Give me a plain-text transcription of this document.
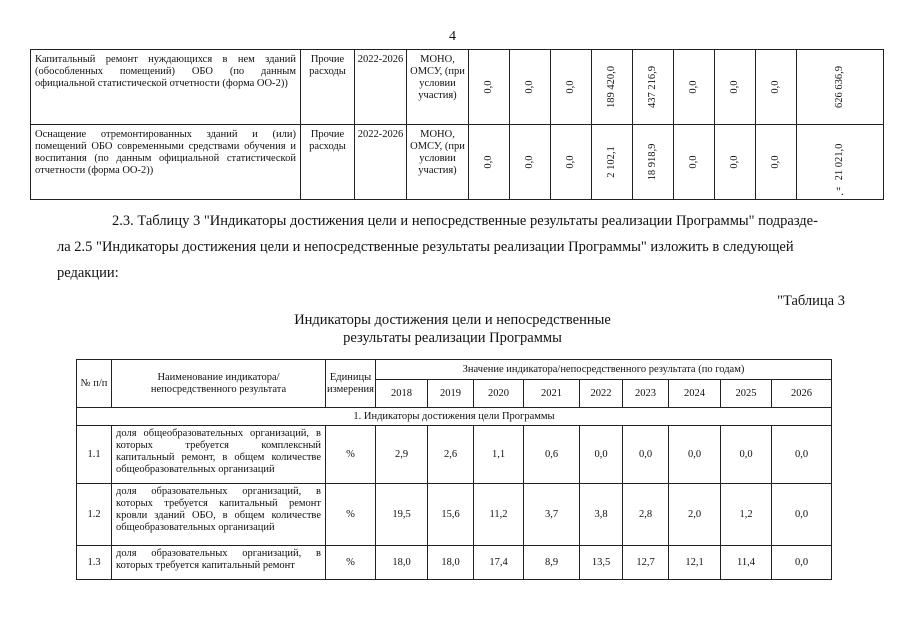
4
Капитальный ремонт нуждающихся в нем зданий (обособленных помещений) ОБО (по данным официальной статистической отчетности (форма ОО-2))	Прочие расходы	2022-2026	МОНО, ОМСУ, (при условии участия)	0,0	0,0	0,0	189 420,0	437 216,9	0,0	0,0	0,0	626 636,9

Оснащение отремонтированных зданий и (или) помещений ОБО современными средствами обучения и воспитания (по данным официальной статистической отчетности (форма ОО-2))	Прочие расходы	2022-2026	МОНО, ОМСУ, (при условии участия)	0,0	0,0	0,0	2 102,1	18 918,9	0,0	0,0	0,0	21 021,0
".
2.3. Таблицу 3 "Индикаторы достижения цели и непосредственные результаты реализации Программы" подразде-
ла 2.5 "Индикаторы достижения цели и непосредственные результаты реализации Программы" изложить в следующей
редакции:
"Таблица 3
Индикаторы достижения цели и непосредственные
результаты реализации Программы
№ п/п	Наименование индикатора/непосредственного результата	Единицы измерения	Значение индикатора/непосредственного результата (по годам)								
			2018	2019	2020	2021	2022	2023	2024	2025	2026
1. Индикаторы достижения цели Программы											
1.1	доля общеобразовательных организаций, в которых требуется комплексный капитальный ремонт, в общем количестве общеобразовательных организаций	%	2,9	2,6	1,1	0,6	0,0	0,0	0,0	0,0	0,0
1.2	доля образовательных организаций, в которых требуется капитальный ремонт кровли зданий ОБО, в общем количестве общеобразовательных организаций	%	19,5	15,6	11,2	3,7	3,8	2,8	2,0	1,2	0,0
1.3	доля образовательных организаций, в которых требуется капитальный ремонт	%	18,0	18,0	17,4	8,9	13,5	12,7	12,1	11,4	0,0
